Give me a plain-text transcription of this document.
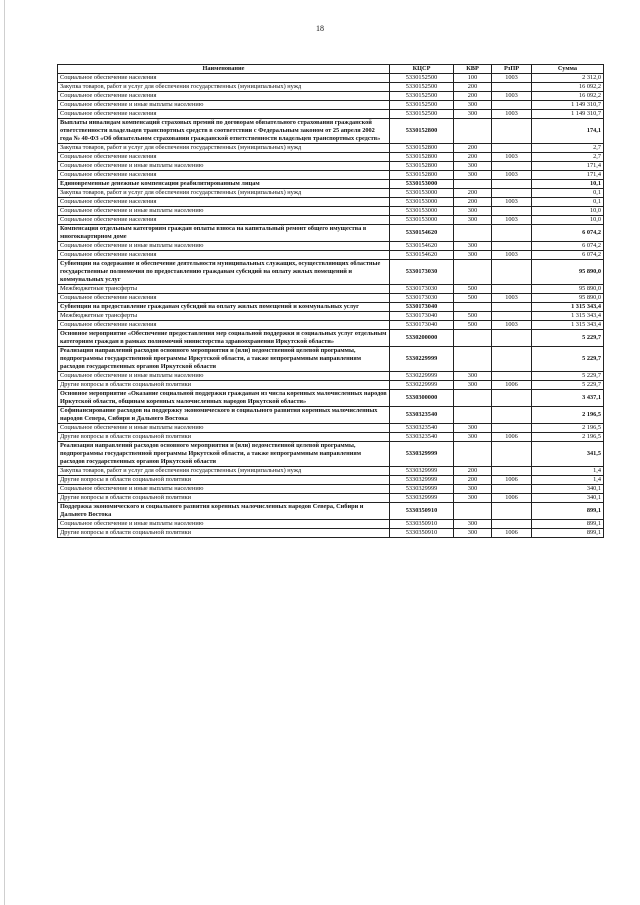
18
Наименование	КЦСР	КВР	РзПР	Сумма
Социальное обеспечение населения	5330152500	100	1003	2 312,0
Закупка товаров, работ и услуг для обеспечения государственных (муниципальных) нужд	5330152500	200		16 092,2
Социальное обеспечение населения	5330152500	200	1003	16 092,2
Социальное обеспечение и иные выплаты населению	5330152500	300		1 149 310,7
Социальное обеспечение населения	5330152500	300	1003	1 149 310,7
Выплаты инвалидам компенсаций страховых премий по договорам обязательного страхования гражданской ответственности владельцев транспортных средств в соответствии с Федеральным законом от 25 апреля 2002 года № 40-ФЗ «Об обязательном страховании гражданской ответственности владельцев транспортных средств»	5330152800			174,1
Закупка товаров, работ и услуг для обеспечения государственных (муниципальных) нужд	5330152800	200		2,7
Социальное обеспечение населения	5330152800	200	1003	2,7
Социальное обеспечение и иные выплаты населению	5330152800	300		171,4
Социальное обеспечение населения	5330152800	300	1003	171,4
Единовременные денежные компенсации реабилитированным лицам	5330153000			10,1
Закупка товаров, работ и услуг для обеспечения государственных (муниципальных) нужд	5330153000	200		0,1
Социальное обеспечение населения	5330153000	200	1003	0,1
Социальное обеспечение и иные выплаты населению	5330153000	300		10,0
Социальное обеспечение населения	5330153000	300	1003	10,0
Компенсация отдельным категориям граждан оплаты взноса на капитальный ремонт общего имущества в многоквартирном доме	5330154620			6 074,2
Социальное обеспечение и иные выплаты населению	5330154620	300		6 074,2
Социальное обеспечение населения	5330154620	300	1003	6 074,2
Субвенции на содержание и обеспечение деятельности муниципальных служащих, осуществляющих областные государственные полномочия по предоставлению гражданам субсидий на оплату жилых помещений и коммунальных услуг	5330173030			95 890,0
Межбюджетные трансферты	5330173030	500		95 890,0
Социальное обеспечение населения	5330173030	500	1003	95 890,0
Субвенции на предоставление гражданам субсидий на оплату жилых помещений и коммунальных услуг	5330173040			1 315 343,4
Межбюджетные трансферты	5330173040	500		1 315 343,4
Социальное обеспечение населения	5330173040	500	1003	1 315 343,4
Основное мероприятие «Обеспечение предоставления мер социальной поддержки и социальных услуг отдельным категориям граждан в рамках полномочий министерства здравоохранения Иркутской области»	5330200000			5 229,7
Реализация направлений расходов основного мероприятия и (или) ведомственной целевой программы, подпрограммы государственной программы Иркутской области, а также непрограммным направлениям расходов государственных органов Иркутской области	5330229999			5 229,7
Социальное обеспечение и иные выплаты населению	5330229999	300		5 229,7
Другие вопросы в области социальной политики	5330229999	300	1006	5 229,7
Основное мероприятие «Оказание социальной поддержки гражданам из числа коренных малочисленных народов Иркутской области, общинам коренных малочисленных народов Иркутской области»	5330300000			3 437,1
Софинансирование расходов на поддержку экономического и социального развития коренных малочисленных народов Севера, Сибири и Дальнего Востока	5330323540			2 196,5
Социальное обеспечение и иные выплаты населению	5330323540	300		2 196,5
Другие вопросы в области социальной политики	5330323540	300	1006	2 196,5
Реализация направлений расходов основного мероприятия и (или) ведомственной целевой программы, подпрограммы государственной программы Иркутской области, а также непрограммным направлениям расходов государственных органов Иркутской области	5330329999			341,5
Закупка товаров, работ и услуг для обеспечения государственных (муниципальных) нужд	5330329999	200		1,4
Другие вопросы в области социальной политики	5330329999	200	1006	1,4
Социальное обеспечение и иные выплаты населению	5330329999	300		340,1
Другие вопросы в области социальной политики	5330329999	300	1006	340,1
Поддержка экономического и социального развития коренных малочисленных народов Севера, Сибири и Дальнего Востока	5330350910			899,1
Социальное обеспечение и иные выплаты населению	5330350910	300		899,1
Другие вопросы в области социальной политики	5330350910	300	1006	899,1
